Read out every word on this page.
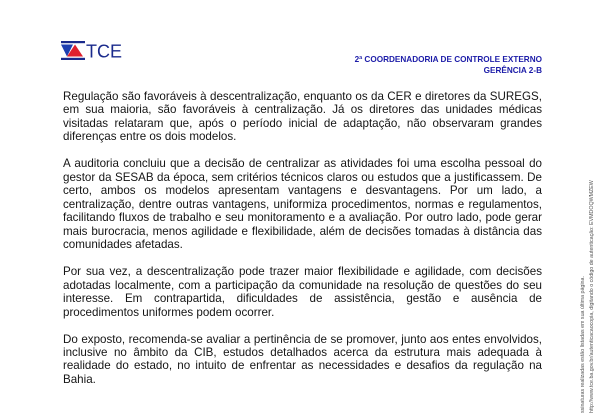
TCE	2ª COORDENADORIA DE CONTROLE EXTERNO
GERÊNCIA 2-B

Regulação são favoráveis à descentralização, enquanto os da CER e diretores da SUREGS, em sua maioria, são favoráveis à centralização. Já os diretores das unidades médicas visitadas relataram que, após o período inicial de adaptação, não observaram grandes diferenças entre os dois modelos.

A auditoria concluiu que a decisão de centralizar as atividades foi uma escolha pessoal do gestor da SESAB da época, sem critérios técnicos claros ou estudos que a justificassem. De certo, ambos os modelos apresentam vantagens e desvantagens. Por um lado, a centralização, dentre outras vantagens, uniformiza procedimentos, normas e regulamentos, facilitando fluxos de trabalho e seu monitoramento e a avaliação. Por outro lado, pode gerar mais burocracia, menos agilidade e flexibilidade, além de decisões tomadas à distância das comunidades afetadas.

Por sua vez, a descentralização pode trazer maior flexibilidade e agilidade, com decisões adotadas localmente, com a participação da comunidade na resolução de questões do seu interesse. Em contrapartida, dificuldades de assistência, gestão e ausência de procedimentos uniformes podem ocorrer.

Do exposto, recomenda-se avaliar a pertinência de se promover, junto aos entes envolvidos, inclusive no âmbito da CIB, estudos detalhados acerca da estrutura mais adequada à realidade do estado, no intuito de enfrentar as necessidades e desafios da regulação na Bahia.	ssinaturas realizadas estão listadas em sua última página. http://www.tce.ba.gov.br/autenticacaocopia, digitando o código de autenticação: EVMDOQWMZEW
